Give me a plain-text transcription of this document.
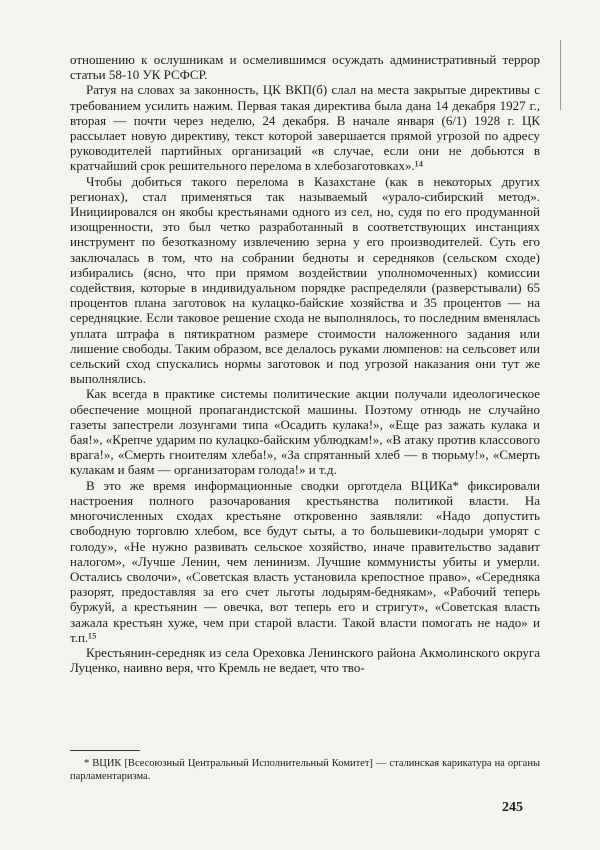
отношению к ослушникам и осмелившимся осуждать административный террор статьи 58-10 УК РСФСР.

Ратуя на словах за законность, ЦК ВКП(б) слал на места закрытые директивы с требованием усилить нажим. Первая такая директива была дана 14 декабря 1927 г., вторая — почти через неделю, 24 декабря. В начале января (6/1) 1928 г. ЦК рассылает новую директиву, текст которой завершается прямой угрозой по адресу руководителей партийных организаций «в случае, если они не добьются в кратчайший срок решительного перелома в хлебозаготовках».¹⁴

Чтобы добиться такого перелома в Казахстане (как в некоторых других регионах), стал применяться так называемый «урало-сибирский метод». Инициировался он якобы крестьянами одного из сел, но, судя по его продуманной изощренности, это был четко разработанный в соответствующих инстанциях инструмент по безотказному извлечению зерна у его производителей. Суть его заключалась в том, что на собрании бедноты и середняков (сельском сходе) избирались (ясно, что при прямом воздействии уполномоченных) комиссии содействия, которые в индивидуальном порядке распределяли (разверстывали) 65 процентов плана заготовок на кулацко-байские хозяйства и 35 процентов — на середняцкие. Если таковое решение схода не выполнялось, то последним вменялась уплата штрафа в пятикратном размере стоимости наложенного задания или лишение свободы. Таким образом, все делалось руками люмпенов: на сельсовет или сельский сход спускались нормы заготовок и под угрозой наказания они тут же выполнялись.

Как всегда в практике системы политические акции получали идеологическое обеспечение мощной пропагандистской машины. Поэтому отнюдь не случайно газеты запестрели лозунгами типа «Осадить кулака!», «Еще раз зажать кулака и бая!», «Крепче ударим по кулацко-байским ублюдкам!», «В атаку против классового врага!», «Смерть гноителям хлеба!», «За спрятанный хлеб — в тюрьму!», «Смерть кулакам и баям — организаторам голода!» и т.д.

В это же время информационные сводки орготдела ВЦИКа* фиксировали настроения полного разочарования крестьянства политикой власти. На многочисленных сходах крестьяне откровенно заявляли: «Надо допустить свободную торговлю хлебом, все будут сыты, а то большевики-лодыри уморят с голоду», «Не нужно развивать сельское хозяйство, иначе правительство задавит налогом», «Лучше Ленин, чем ленинизм. Лучшие коммунисты убиты и умерли. Остались сволочи», «Советская власть установила крепостное право», «Середняка разорят, предоставляя за его счет льготы лодырям-беднякам», «Рабочий теперь буржуй, а крестьянин — овечка, вот теперь его и стригут», «Советская власть зажала крестьян хуже, чем при старой власти. Такой власти помогать не надо» и т.п.¹⁵

Крестьянин-середняк из села Ореховка Ленинского района Акмолинского округа Луценко, наивно веря, что Кремль не ведает, что тво-

* ВЦИК [Всесоюзный Центральный Исполнительный Комитет] — сталинская карикатура на органы парламентаризма.

245
